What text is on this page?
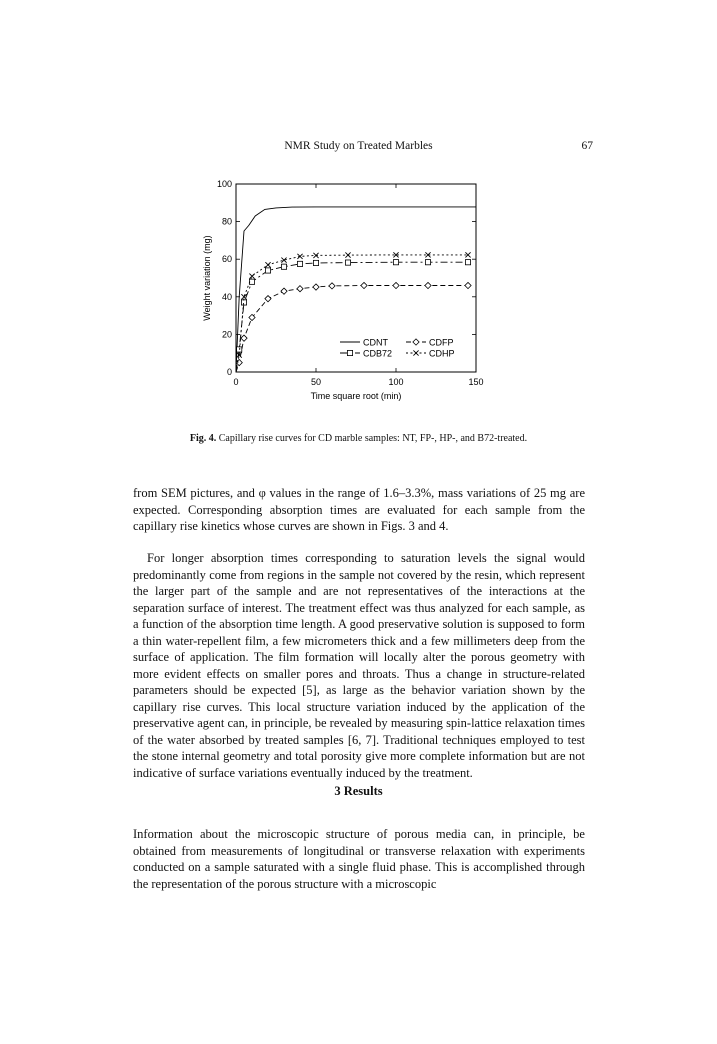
NMR Study on Treated Marbles	67
0	50	100	150
0
20
40
60
80
100
Time square root (min)
Weight variation (mg)
CDNT	CDFP
CDB72	CDHP
Fig. 4. Capillary rise curves for CD marble samples: NT, FP-, HP-, and B72-treated.

from SEM pictures, and φ values in the range of 1.6–3.3%, mass variations of 25 mg are expected. Corresponding absorption times are evaluated for each sample from the capillary rise kinetics whose curves are shown in Figs. 3 and 4.

For longer absorption times corresponding to saturation levels the signal would predominantly come from regions in the sample not covered by the resin, which represent the larger part of the sample and are not representatives of the interactions at the separation surface of interest. The treatment effect was thus analyzed for each sample, as a function of the absorption time length. A good preservative solution is supposed to form a thin water-repellent film, a few micrometers thick and a few millimeters deep from the surface of application. The film formation will locally alter the porous geometry with more evident effects on smaller pores and throats. Thus a change in structure-related parameters should be expected [5], as large as the behavior variation shown by the capillary rise curves. This local structure variation induced by the application of the preservative agent can, in principle, be revealed by measuring spin-lattice relaxation times of the water absorbed by treated samples [6, 7]. Traditional techniques employed to test the stone internal geometry and total porosity give more complete information but are not indicative of surface variations eventually induced by the treatment.

3 Results

Information about the microscopic structure of porous media can, in principle, be obtained from measurements of longitudinal or transverse relaxation with experiments conducted on a sample saturated with a single fluid phase. This is accomplished through the representation of the porous structure with a microscopic
